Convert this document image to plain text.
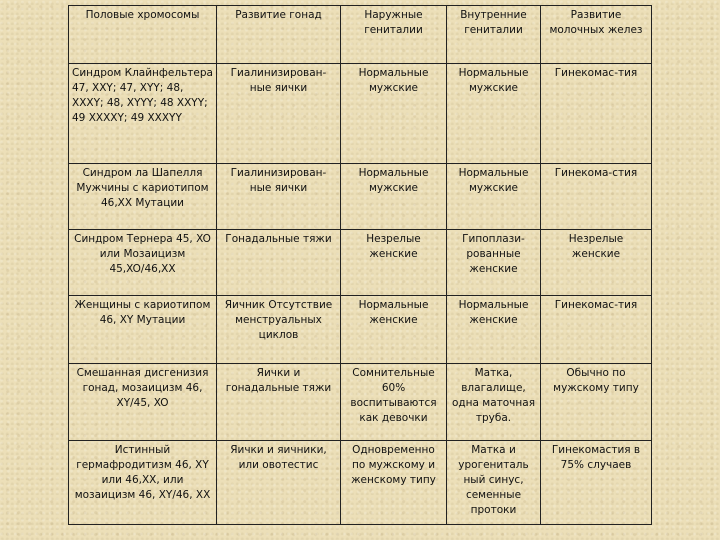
Половые хромосомы	Развитие гонад	Наружные гениталии	Внутренние гениталии	Развитие молочных желез
Синдром Клайнфельтера 47, XXY; 47, XYY; 48, XXXY; 48, XYYY; 48 XXYY; 49 XXXXY; 49 XXXYY	Гиалинизирован-ные яички	Нормальные мужские	Нормальные мужские	Гинекомас-тия
Синдром ла Шапелля Мужчины с кариотипом 46,XX Мутации	Гиалинизирован-ные яички	Нормальные мужские	Нормальные мужские	Гинекома-стия
Синдром Тернера 45, XO или Мозаицизм 45,XO/46,XX	Гонадальные тяжи	Незрелые женские	Гипоплази-рованные женские	Незрелые женские
Женщины с кариотипом 46, XY Мутации	Яичник Отсутствие менструальных циклов	Нормальные женские	Нормальные женские	Гинекомас-тия
Смешанная дисгенизия гонад, мозаицизм 46, XY/45, XO	Яички и гонадальные тяжи	Сомнительные 60% воспитываются как девочки	Матка, влагалище, одна маточная труба.	Обычно по мужскому типу
Истинный гермафродитизм 46, XY или 46,XX, или мозаицизм 46, XY/46, XX	Яички и яичники, или овотестис	Одновременно по мужскому и женскому типу	Матка и урогениталь ный синус, семенные протоки	Гинекомастия в 75% случаев
